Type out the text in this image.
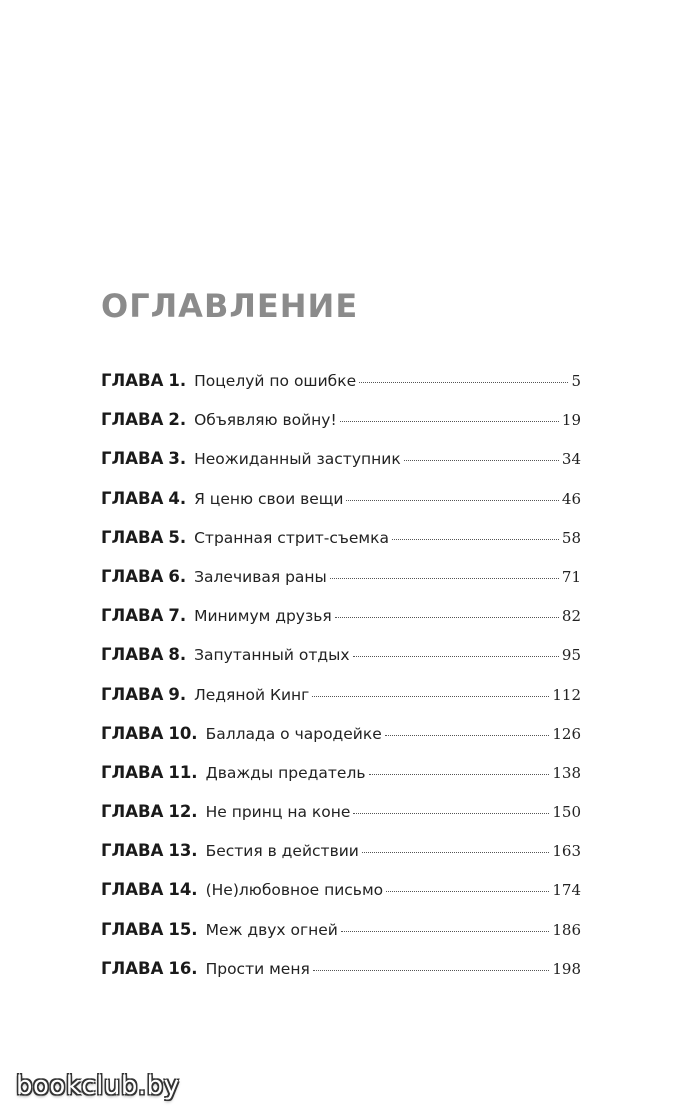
ОГЛАВЛЕНИЕ
ГЛАВА 1. Поцелуй по ошибке	5
ГЛАВА 2. Объявляю войну!	19
ГЛАВА 3. Неожиданный заступник	34
ГЛАВА 4. Я ценю свои вещи	46
ГЛАВА 5. Странная стрит-съемка	58
ГЛАВА 6. Залечивая раны	71
ГЛАВА 7. Минимум друзья	82
ГЛАВА 8. Запутанный отдых	95
ГЛАВА 9. Ледяной Кинг	112
ГЛАВА 10. Баллада о чародейке	126
ГЛАВА 11. Дважды предатель	138
ГЛАВА 12. Не принц на коне	150
ГЛАВА 13. Бестия в действии	163
ГЛАВА 14. (Не)любовное письмо	174
ГЛАВА 15. Меж двух огней	186
ГЛАВА 16. Прости меня	198
bookclub.by
